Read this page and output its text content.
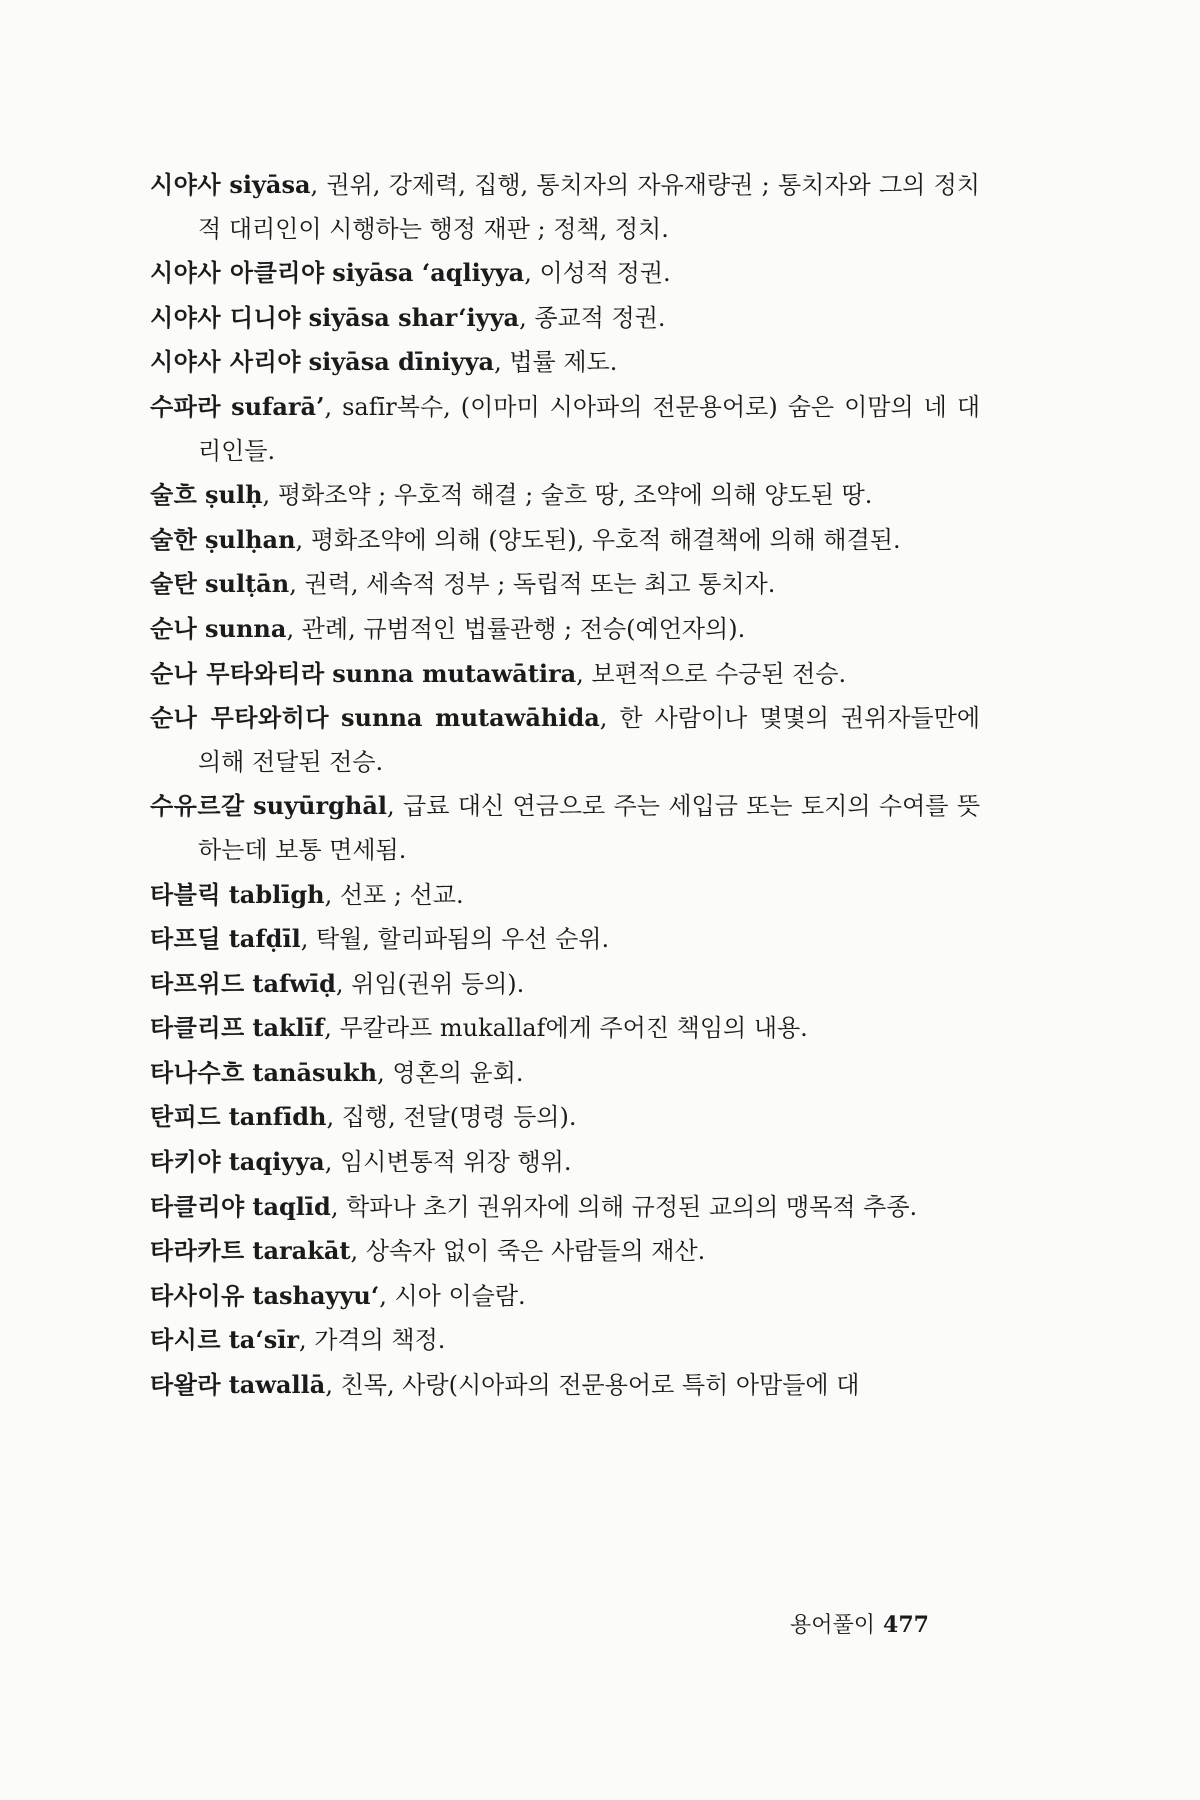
시야사 siyāsa, 권위, 강제력, 집행, 통치자의 자유재량권 ; 통치자와 그의 정치적 대리인이 시행하는 행정 재판 ; 정책, 정치.
시야사 아클리야 siyāsa ‘aqliyya, 이성적 정권.
시야사 디니야 siyāsa shar‘iyya, 종교적 정권.
시야사 사리야 siyāsa dīniyya, 법률 제도.
수파라 sufarā’, safīr복수, (이마미 시아파의 전문용어로) 숨은 이맘의 네 대리인들.
술흐 ṣulḥ, 평화조약 ; 우호적 해결 ; 술흐 땅, 조약에 의해 양도된 땅.
술한 ṣulḥan, 평화조약에 의해 (양도된), 우호적 해결책에 의해 해결된.
술탄 sulṭān, 권력, 세속적 정부 ; 독립적 또는 최고 통치자.
순나 sunna, 관례, 규범적인 법률관행 ; 전승(예언자의).
순나 무타와티라 sunna mutawātira, 보편적으로 수긍된 전승.
순나 무타와히다 sunna mutawāhida, 한 사람이나 몇몇의 권위자들만에 의해 전달된 전승.
수유르갈 suyūrghāl, 급료 대신 연금으로 주는 세입금 또는 토지의 수여를 뜻하는데 보통 면세됨.
타블릭 tablīgh, 선포 ; 선교.
타프딜 tafḍīl, 탁월, 할리파됨의 우선 순위.
타프위드 tafwīḍ, 위임(권위 등의).
타클리프 taklīf, 무칼라프 mukallaf에게 주어진 책임의 내용.
타나수흐 tanāsukh, 영혼의 윤회.
탄피드 tanfīdh, 집행, 전달(명령 등의).
타키야 taqiyya, 임시변통적 위장 행위.
타클리야 taqlīd, 학파나 초기 권위자에 의해 규정된 교의의 맹목적 추종.
타라카트 tarakāt, 상속자 없이 죽은 사람들의 재산.
타사이유 tashayyu‘, 시아 이슬람.
타시르 ta‘sīr, 가격의 책정.
타왈라 tawallā, 친목, 사랑(시아파의 전문용어로 특히 아맘들에 대
용어풀이 477
